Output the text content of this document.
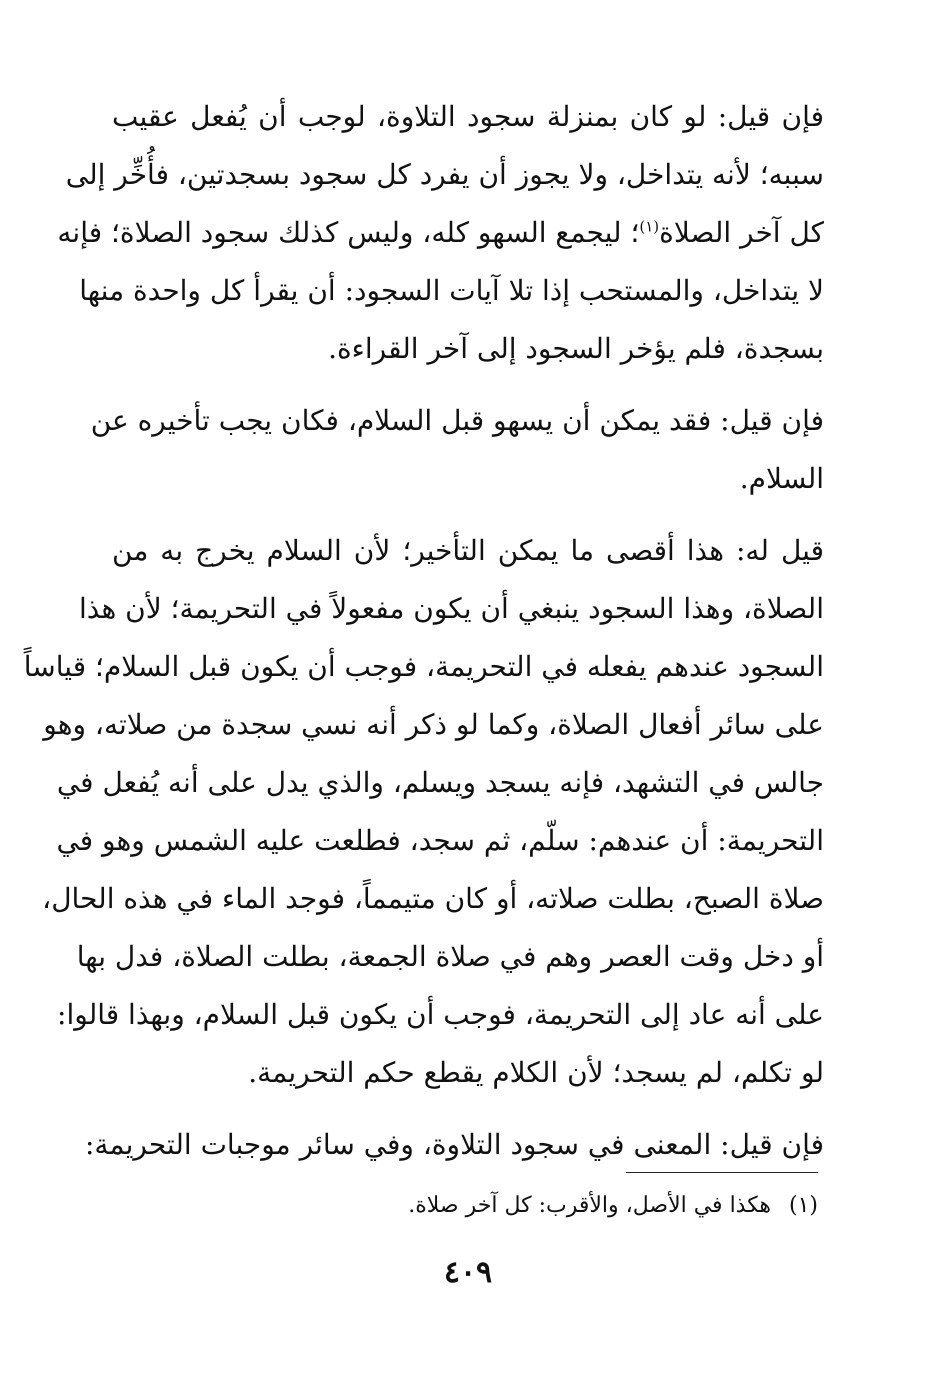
فإن قيل: لو كان بمنزلة سجود التلاوة، لوجب أن يُفعل عقيب
سببه؛ لأنه يتداخل، ولا يجوز أن يفرد كل سجود بسجدتين، فأُخِّر إلى
كل آخر الصلاة$^{(١)}$؛ ليجمع السهو كله، وليس كذلك سجود الصلاة؛ فإنه
لا يتداخل، والمستحب إذا تلا آيات السجود: أن يقرأ كل واحدة منها
بسجدة، فلم يؤخر السجود إلى آخر القراءة.
فإن قيل: فقد يمكن أن يسهو قبل السلام، فكان يجب تأخيره عن
السلام.
قيل له: هذا أقصى ما يمكن التأخير؛ لأن السلام يخرج به من
الصلاة، وهذا السجود ينبغي أن يكون مفعولاً في التحريمة؛ لأن هذا
السجود عندهم يفعله في التحريمة، فوجب أن يكون قبل السلام؛ قياساً
على سائر أفعال الصلاة، وكما لو ذكر أنه نسي سجدة من صلاته، وهو
جالس في التشهد، فإنه يسجد ويسلم، والذي يدل على أنه يُفعل في
التحريمة: أن عندهم: سلّم، ثم سجد، فطلعت عليه الشمس وهو في
صلاة الصبح، بطلت صلاته، أو كان متيمماً، فوجد الماء في هذه الحال،
أو دخل وقت العصر وهم في صلاة الجمعة، بطلت الصلاة، فدل بها
على أنه عاد إلى التحريمة، فوجب أن يكون قبل السلام، وبهذا قالوا:
لو تكلم، لم يسجد؛ لأن الكلام يقطع حكم التحريمة.
فإن قيل: المعنى في سجود التلاوة، وفي سائر موجبات التحريمة:
(١)هكذا في الأصل، والأقرب: كل آخر صلاة.
٤٠٩
